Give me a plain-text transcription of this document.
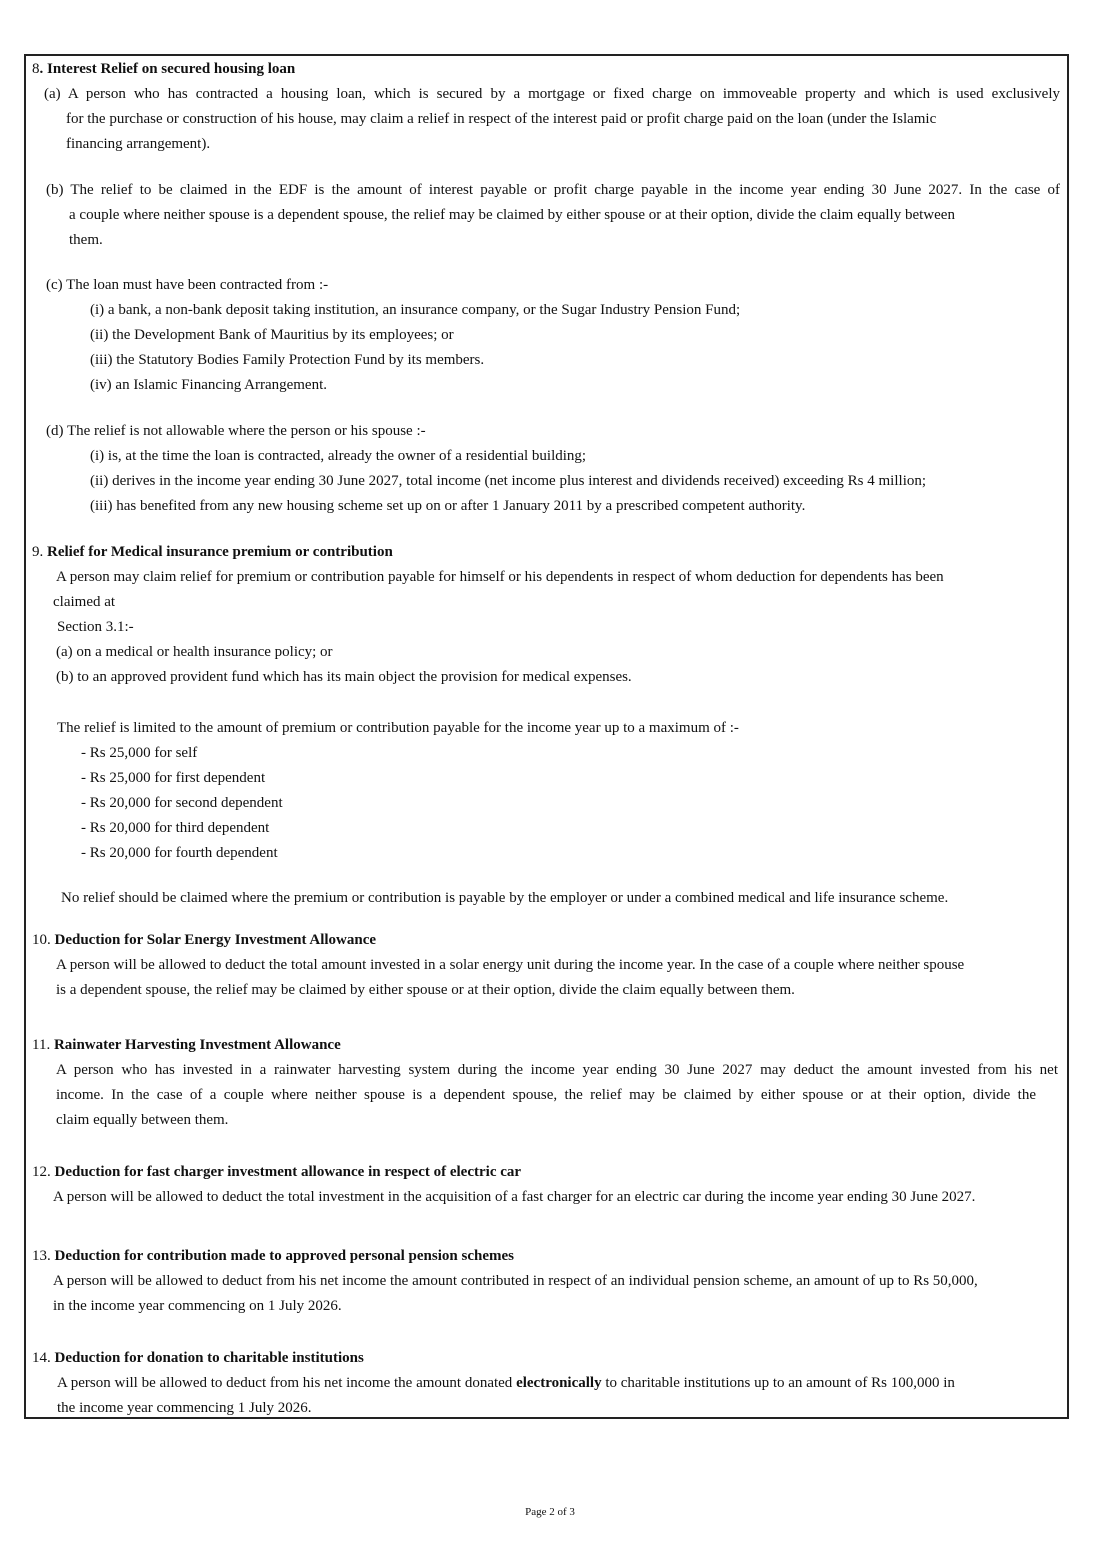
8. Interest Relief on secured housing loan
(a) A person who has contracted a housing loan, which is secured by a mortgage or fixed charge on immoveable property and which is used exclusively
for the purchase or construction of his house, may claim a relief in respect of the interest paid or profit charge paid on the loan (under the Islamic
financing arrangement).
(b) The relief to be claimed in the EDF is the amount of interest payable or profit charge payable in the income year ending 30 June 2027. In the case of
a couple where neither spouse is a dependent spouse, the relief may be claimed by either spouse or at their option, divide the claim equally between
them.
(c) The loan must have been contracted from :-
(i) a bank, a non-bank deposit taking institution, an insurance company, or the Sugar Industry Pension Fund;
(ii) the Development Bank of Mauritius by its employees; or
(iii) the Statutory Bodies Family Protection Fund by its members.
(iv) an Islamic Financing Arrangement.
(d) The relief is not allowable where the person or his spouse :-
(i) is, at the time the loan is contracted, already the owner of a residential building;
(ii) derives in the income year ending 30 June 2027, total income (net income plus interest and dividends received) exceeding Rs 4 million;
(iii) has benefited from any new housing scheme set up on or after 1 January 2011 by a prescribed competent authority.
9. Relief for Medical insurance premium or contribution
A person may claim relief for premium or contribution payable for himself or his dependents in respect of whom deduction for dependents has been
claimed at
Section 3.1:-
(a) on a medical or health insurance policy; or
(b) to an approved provident fund which has its main object the provision for medical expenses.
The relief is limited to the amount of premium or contribution payable for the income year up to a maximum of :-
- Rs 25,000 for self
- Rs 25,000 for first dependent
- Rs 20,000 for second dependent
- Rs 20,000 for third dependent
- Rs 20,000 for fourth dependent
No relief should be claimed where the premium or contribution is payable by the employer or under a combined medical and life insurance scheme.
10. Deduction for Solar Energy Investment Allowance
A person will be allowed to deduct the total amount invested in a solar energy unit during the income year. In the case of a couple where neither spouse
is a dependent spouse, the relief may be claimed by either spouse or at their option, divide the claim equally between them.
11. Rainwater Harvesting Investment Allowance
A person who has invested in a rainwater harvesting system during the income year ending 30 June 2027 may deduct the amount invested from his net
income. In the case of a couple where neither spouse is a dependent spouse, the relief may be claimed by either spouse or at their option, divide the
claim equally between them.
12. Deduction for fast charger investment allowance in respect of electric car
A person will be allowed to deduct the total investment in the acquisition of a fast charger for an electric car during the income year ending 30 June 2027.
13. Deduction for contribution made to approved personal pension schemes
A person will be allowed to deduct from his net income the amount contributed in respect of an individual pension scheme, an amount of up to Rs 50,000,
in the income year commencing on 1 July 2026.
14. Deduction for donation to charitable institutions
A person will be allowed to deduct from his net income the amount donated electronically to charitable institutions up to an amount of Rs 100,000 in
the income year commencing 1 July 2026.
Page 2 of 3
